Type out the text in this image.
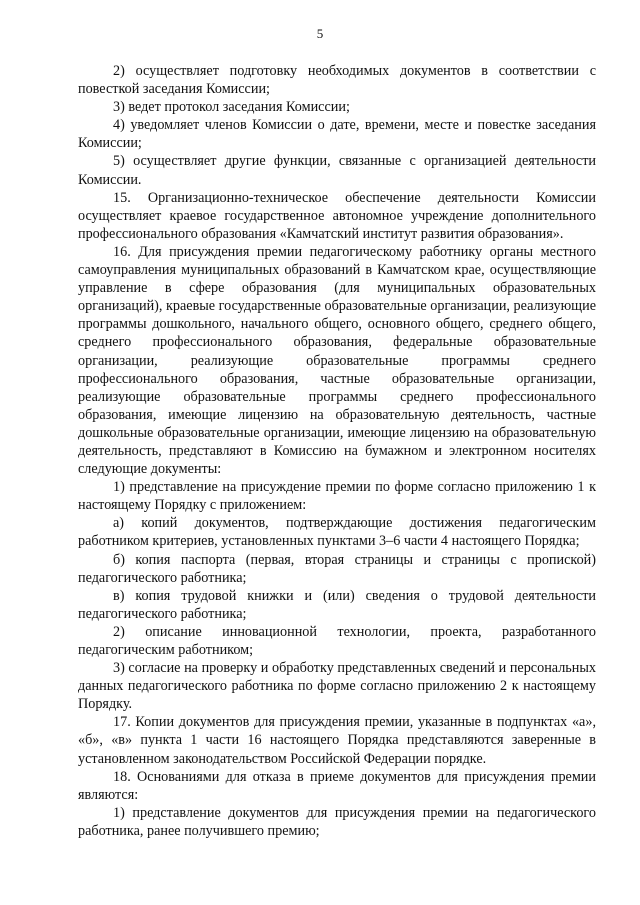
5

2) осуществляет подготовку необходимых документов в соответствии с повесткой заседания Комиссии;

3) ведет протокол заседания Комиссии;

4) уведомляет членов Комиссии о дате, времени, месте и повестке заседания Комиссии;

5) осуществляет другие функции, связанные с организацией деятельности Комиссии.

15. Организационно-техническое обеспечение деятельности Комиссии осуществляет краевое государственное автономное учреждение дополнительного профессионального образования «Камчатский институт развития образования».

16. Для присуждения премии педагогическому работнику органы местного самоуправления муниципальных образований в Камчатском крае, осуществляющие управление в сфере образования (для муниципальных образовательных организаций), краевые государственные образовательные организации, реализующие программы дошкольного, начального общего, основного общего, среднего общего, среднего профессионального образования, федеральные образовательные организации, реализующие образовательные программы среднего профессионального образования, частные образовательные организации, реализующие образовательные программы среднего профессионального образования, имеющие лицензию на образовательную деятельность, частные дошкольные образовательные организации, имеющие лицензию на образовательную деятельность, представляют в Комиссию на бумажном и электронном носителях следующие документы:

1) представление на присуждение премии по форме согласно приложению 1 к настоящему Порядку с приложением:

а) копий документов, подтверждающие достижения педагогическим работником критериев, установленных пунктами 3–6 части 4 настоящего Порядка;

б) копия паспорта (первая, вторая страницы и страницы с пропиской) педагогического работника;

в) копия трудовой книжки и (или) сведения о трудовой деятельности педагогического работника;

2) описание инновационной технологии, проекта, разработанного педагогическим работником;

3) согласие на проверку и обработку представленных сведений и персональных данных педагогического работника по форме согласно приложению 2 к настоящему Порядку.

17. Копии документов для присуждения премии, указанные в подпунктах «а», «б», «в» пункта 1 части 16 настоящего Порядка представляются заверенные в установленном законодательством Российской Федерации порядке.

18. Основаниями для отказа в приеме документов для присуждения премии являются:

1) представление документов для присуждения премии на педагогического работника, ранее получившего премию;
